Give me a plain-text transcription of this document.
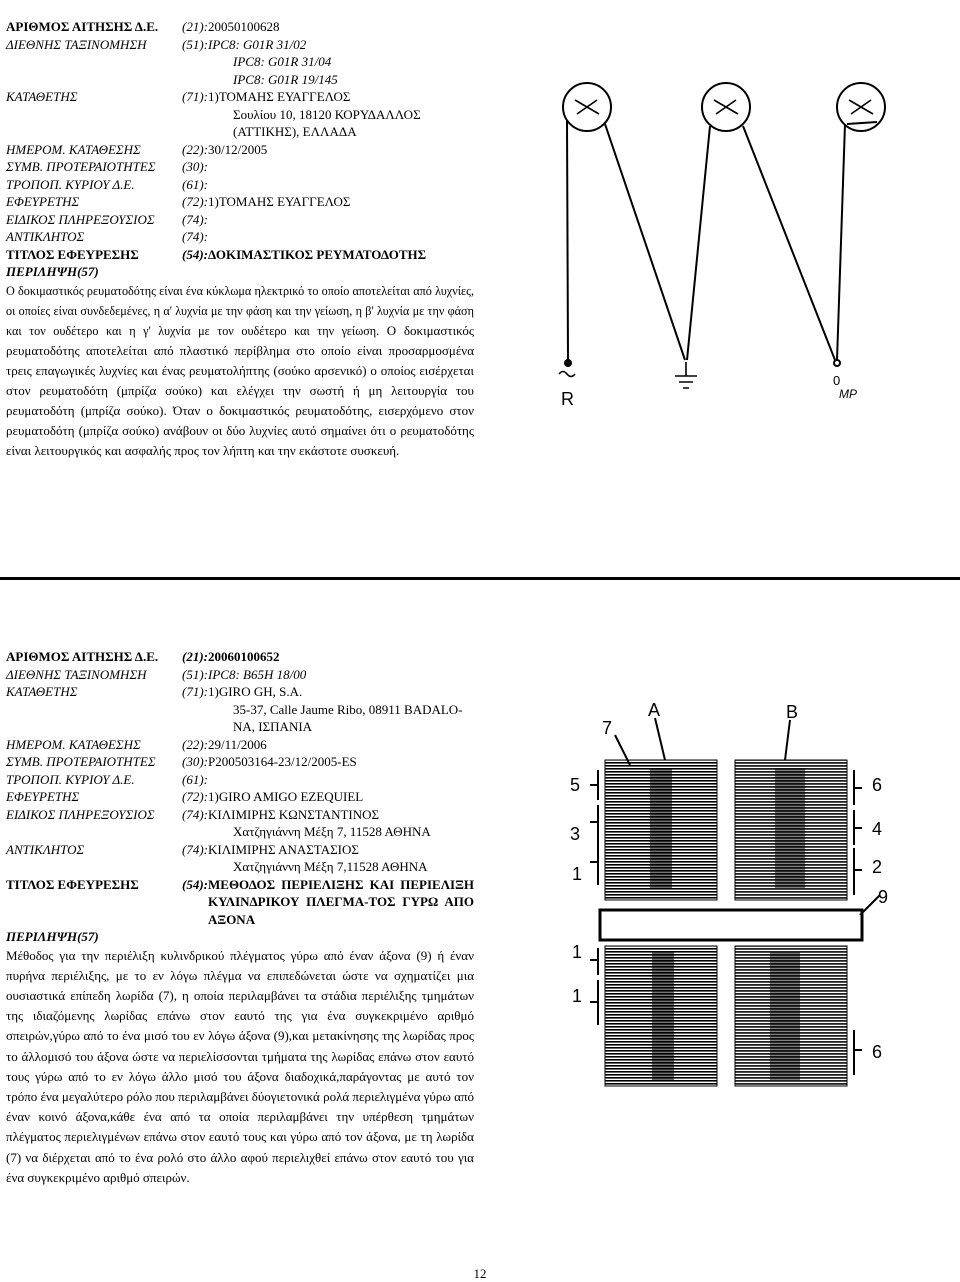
ΑΡΙΘΜΟΣ ΑΙΤΗΣΗΣ Δ.Ε.	(21):20050100628
ΔΙΕΘΝΗΣ ΤΑΞΙΝΟΜΗΣΗ	(51):IPC8: G01R 31/02
IPC8: G01R 31/04
IPC8: G01R 19/145
ΚΑΤΑΘΕΤΗΣ	(71):1)ΤΟΜΑΗΣ ΕΥΑΓΓΕΛΟΣ
Σουλίου 10, 18120 ΚΟΡΥΔΑΛΛΟΣ
(ΑΤΤΙΚΗΣ), ΕΛΛΑΔΑ
ΗΜΕΡΟΜ. ΚΑΤΑΘΕΣΗΣ	(22):30/12/2005
ΣΥΜΒ. ΠΡΟΤΕΡΑΙΟΤΗΤΕΣ	(30):
ΤΡΟΠΟΠ. ΚΥΡΙΟΥ Δ.Ε.	(61):
ΕΦΕΥΡΕΤΗΣ	(72):1)ΤΟΜΑΗΣ ΕΥΑΓΓΕΛΟΣ
ΕΙΔΙΚΟΣ ΠΛΗΡΕΞΟΥΣΙΟΣ	(74):
ΑΝΤΙΚΛΗΤΟΣ	(74):
ΤΙΤΛΟΣ ΕΦΕΥΡΕΣΗΣ	(54):ΔΟΚΙΜΑΣΤΙΚΟΣ ΡΕΥΜΑΤΟΔΟΤΗΣ
ΠΕΡΙΛΗΨΗ(57)
Ο δοκιμαστικός ρευματοδότης είναι ένα κύκλωμα ηλεκτρικό το οποίο αποτελείται από λυχνίες, οι οποίες είναι συνδεδεμένες, η α' λυχνία με την φάση και την γείωση, η β' λυχνία με την φάση και τον ουδέτερο και η γ' λυχνία με τον ουδέτερο και την γείωση. Ο δοκιμαστικός ρευματοδότης αποτελείται από πλαστικό περίβλημα στο οποίο είναι προσαρμοσμένα τρεις επαγωγικές λυχνίες και ένας ρευματολήπτης (σούκο αρσενικό) ο οποίος εισέρχεται στον ρευματοδότη (μπρίζα σούκο) και ελέγχει την σωστή ή μη λειτουργία του ρευματοδότη (μπρίζα σούκο). Όταν ο δοκιμαστικός ρευματοδότης, εισερχόμενο στον ρευματοδότη (μπρίζα σούκο) ανάβουν οι δύο λυχνίες αυτό σημαίνει ότι ο ρευματοδότης είναι λειτουργικός και ασφαλής προς τον λήπτη και την εκάστοτε συσκευή.
R
0
MP
ΑΡΙΘΜΟΣ ΑΙΤΗΣΗΣ Δ.Ε.	(21):20060100652
ΔΙΕΘΝΗΣ ΤΑΞΙΝΟΜΗΣΗ	(51):IPC8: B65H 18/00
ΚΑΤΑΘΕΤΗΣ	(71):1)GIRO GH, S.A.
35-37, Calle Jaume Ribo, 08911 BADALO-
NA, ΙΣΠΑΝΙΑ
ΗΜΕΡΟΜ. ΚΑΤΑΘΕΣΗΣ	(22):29/11/2006
ΣΥΜΒ. ΠΡΟΤΕΡΑΙΟΤΗΤΕΣ	(30):P200503164-23/12/2005-ES
ΤΡΟΠΟΠ. ΚΥΡΙΟΥ Δ.Ε.	(61):
ΕΦΕΥΡΕΤΗΣ	(72):1)GIRO AMIGO EZEQUIEL
ΕΙΔΙΚΟΣ ΠΛΗΡΕΞΟΥΣΙΟΣ	(74):ΚΙΛΙΜΙΡΗΣ ΚΩΝΣΤΑΝΤΙΝΟΣ
Χατζηγιάννη Μέξη 7, 11528 ΑΘΗΝΑ
ΑΝΤΙΚΛΗΤΟΣ	(74):ΚΙΛΙΜΙΡΗΣ ΑΝΑΣΤΑΣΙΟΣ
Χατζηγιάννη Μέξη 7,11528 ΑΘΗΝΑ
ΤΙΤΛΟΣ ΕΦΕΥΡΕΣΗΣ	(54): ΜΕΘΟΔΟΣ ΠΕΡΙΕΛΙΞΗΣ ΚΑΙ ΠΕΡΙΕΛΙΞΗ ΚΥΛΙΝΔΡΙΚΟΥ ΠΛΕΓΜΑ-ΤΟΣ ΓΥΡΩ ΑΠΟ ΑΞΟΝΑ
ΠΕΡΙΛΗΨΗ(57)
Μέθοδος για την περιέλιξη κυλινδρικού πλέγματος γύρω από έναν άξονα (9) ή έναν πυρήνα περιέλιξης, με το εν λόγω πλέγμα να επιπεδώνεται ώστε να σχηματίζει μια ουσιαστικά επίπεδη λωρίδα (7), η οποία περιλαμβάνει τα στάδια περιέλιξης τμημάτων της ιδιαζόμενης λωρίδας επάνω στον εαυτό της για ένα συγκεκριμένο αριθμό σπειρών,γύρω από το ένα μισό του εν λόγω άξονα (9),και μετακίνησης της λωρίδας προς το άλλομισό του άξονα ώστε να περιελίσσονται τμήματα της λωρίδας επάνω στον εαυτό τους γύρω από το εν λόγω άλλο μισό του άξονα διαδοχικά,παράγοντας με αυτό τον τρόπο ένα μεγαλύτερο ρόλο που περιλαμβάνει δύογιετονικά ρολά περιελιγμένα γύρω από έναν κοινό άξονα,κάθε ένα από τα οποία περιλαμβάνει την υπέρθεση τμημάτων πλέγματος περιελιγμένων επάνω στον εαυτό τους και γύρω από τον άξονα, με τη λωρίδα (7) να διέρχεται από το ένα ρολό στο άλλο αφού περιελιχθεί επάνω στον εαυτό του για ένα συγκεκριμένο αριθμό σπειρών.
A	B
7
5
3
1
6
4
2
9
1
1
6
12
